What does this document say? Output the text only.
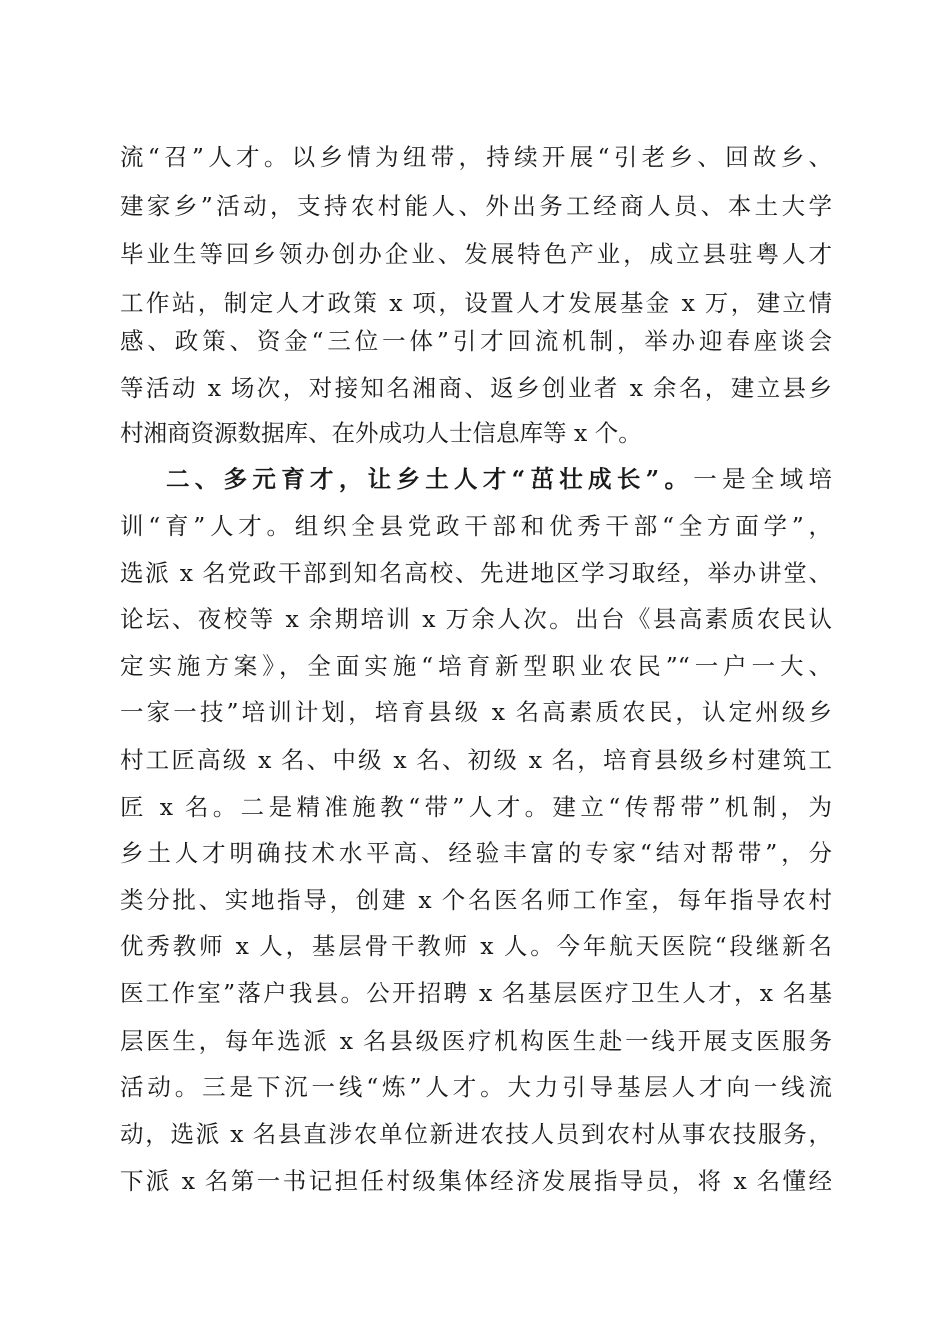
流“召”人才。以乡情为纽带，持续开展“引老乡、回故乡、
建家乡”活动，支持农村能人、外出务工经商人员、本土大学
毕业生等回乡领办创办企业、发展特色产业，成立县驻粤人才
工作站，制定人才政策 x 项，设置人才发展基金 x 万，建立情
感、政策、资金“三位一体”引才回流机制，举办迎春座谈会
等活动 x 场次，对接知名湘商、返乡创业者 x 余名，建立县乡
村湘商资源数据库、在外成功人士信息库等 x 个。
二、多元育才，让乡土人才“茁壮成长”。一是全域培
训“育”人才。组织全县党政干部和优秀干部“全方面学”，
选派 x 名党政干部到知名高校、先进地区学习取经，举办讲堂、
论坛、夜校等 x 余期培训 x 万余人次。出台《县高素质农民认
定实施方案》，全面实施“培育新型职业农民”“一户一大、
一家一技”培训计划，培育县级 x 名高素质农民，认定州级乡
村工匠高级 x 名、中级 x 名、初级 x 名，培育县级乡村建筑工
匠 x 名。二是精准施教“带”人才。建立“传帮带”机制，为
乡土人才明确技术水平高、经验丰富的专家“结对帮带”，分
类分批、实地指导，创建 x 个名医名师工作室，每年指导农村
优秀教师 x 人，基层骨干教师 x 人。今年航天医院“段继新名
医工作室”落户我县。公开招聘 x 名基层医疗卫生人才，x 名基
层医生，每年选派 x 名县级医疗机构医生赴一线开展支医服务
活动。三是下沉一线“炼”人才。大力引导基层人才向一线流
动，选派 x 名县直涉农单位新进农技人员到农村从事农技服务，
下派 x 名第一书记担任村级集体经济发展指导员，将 x 名懂经
